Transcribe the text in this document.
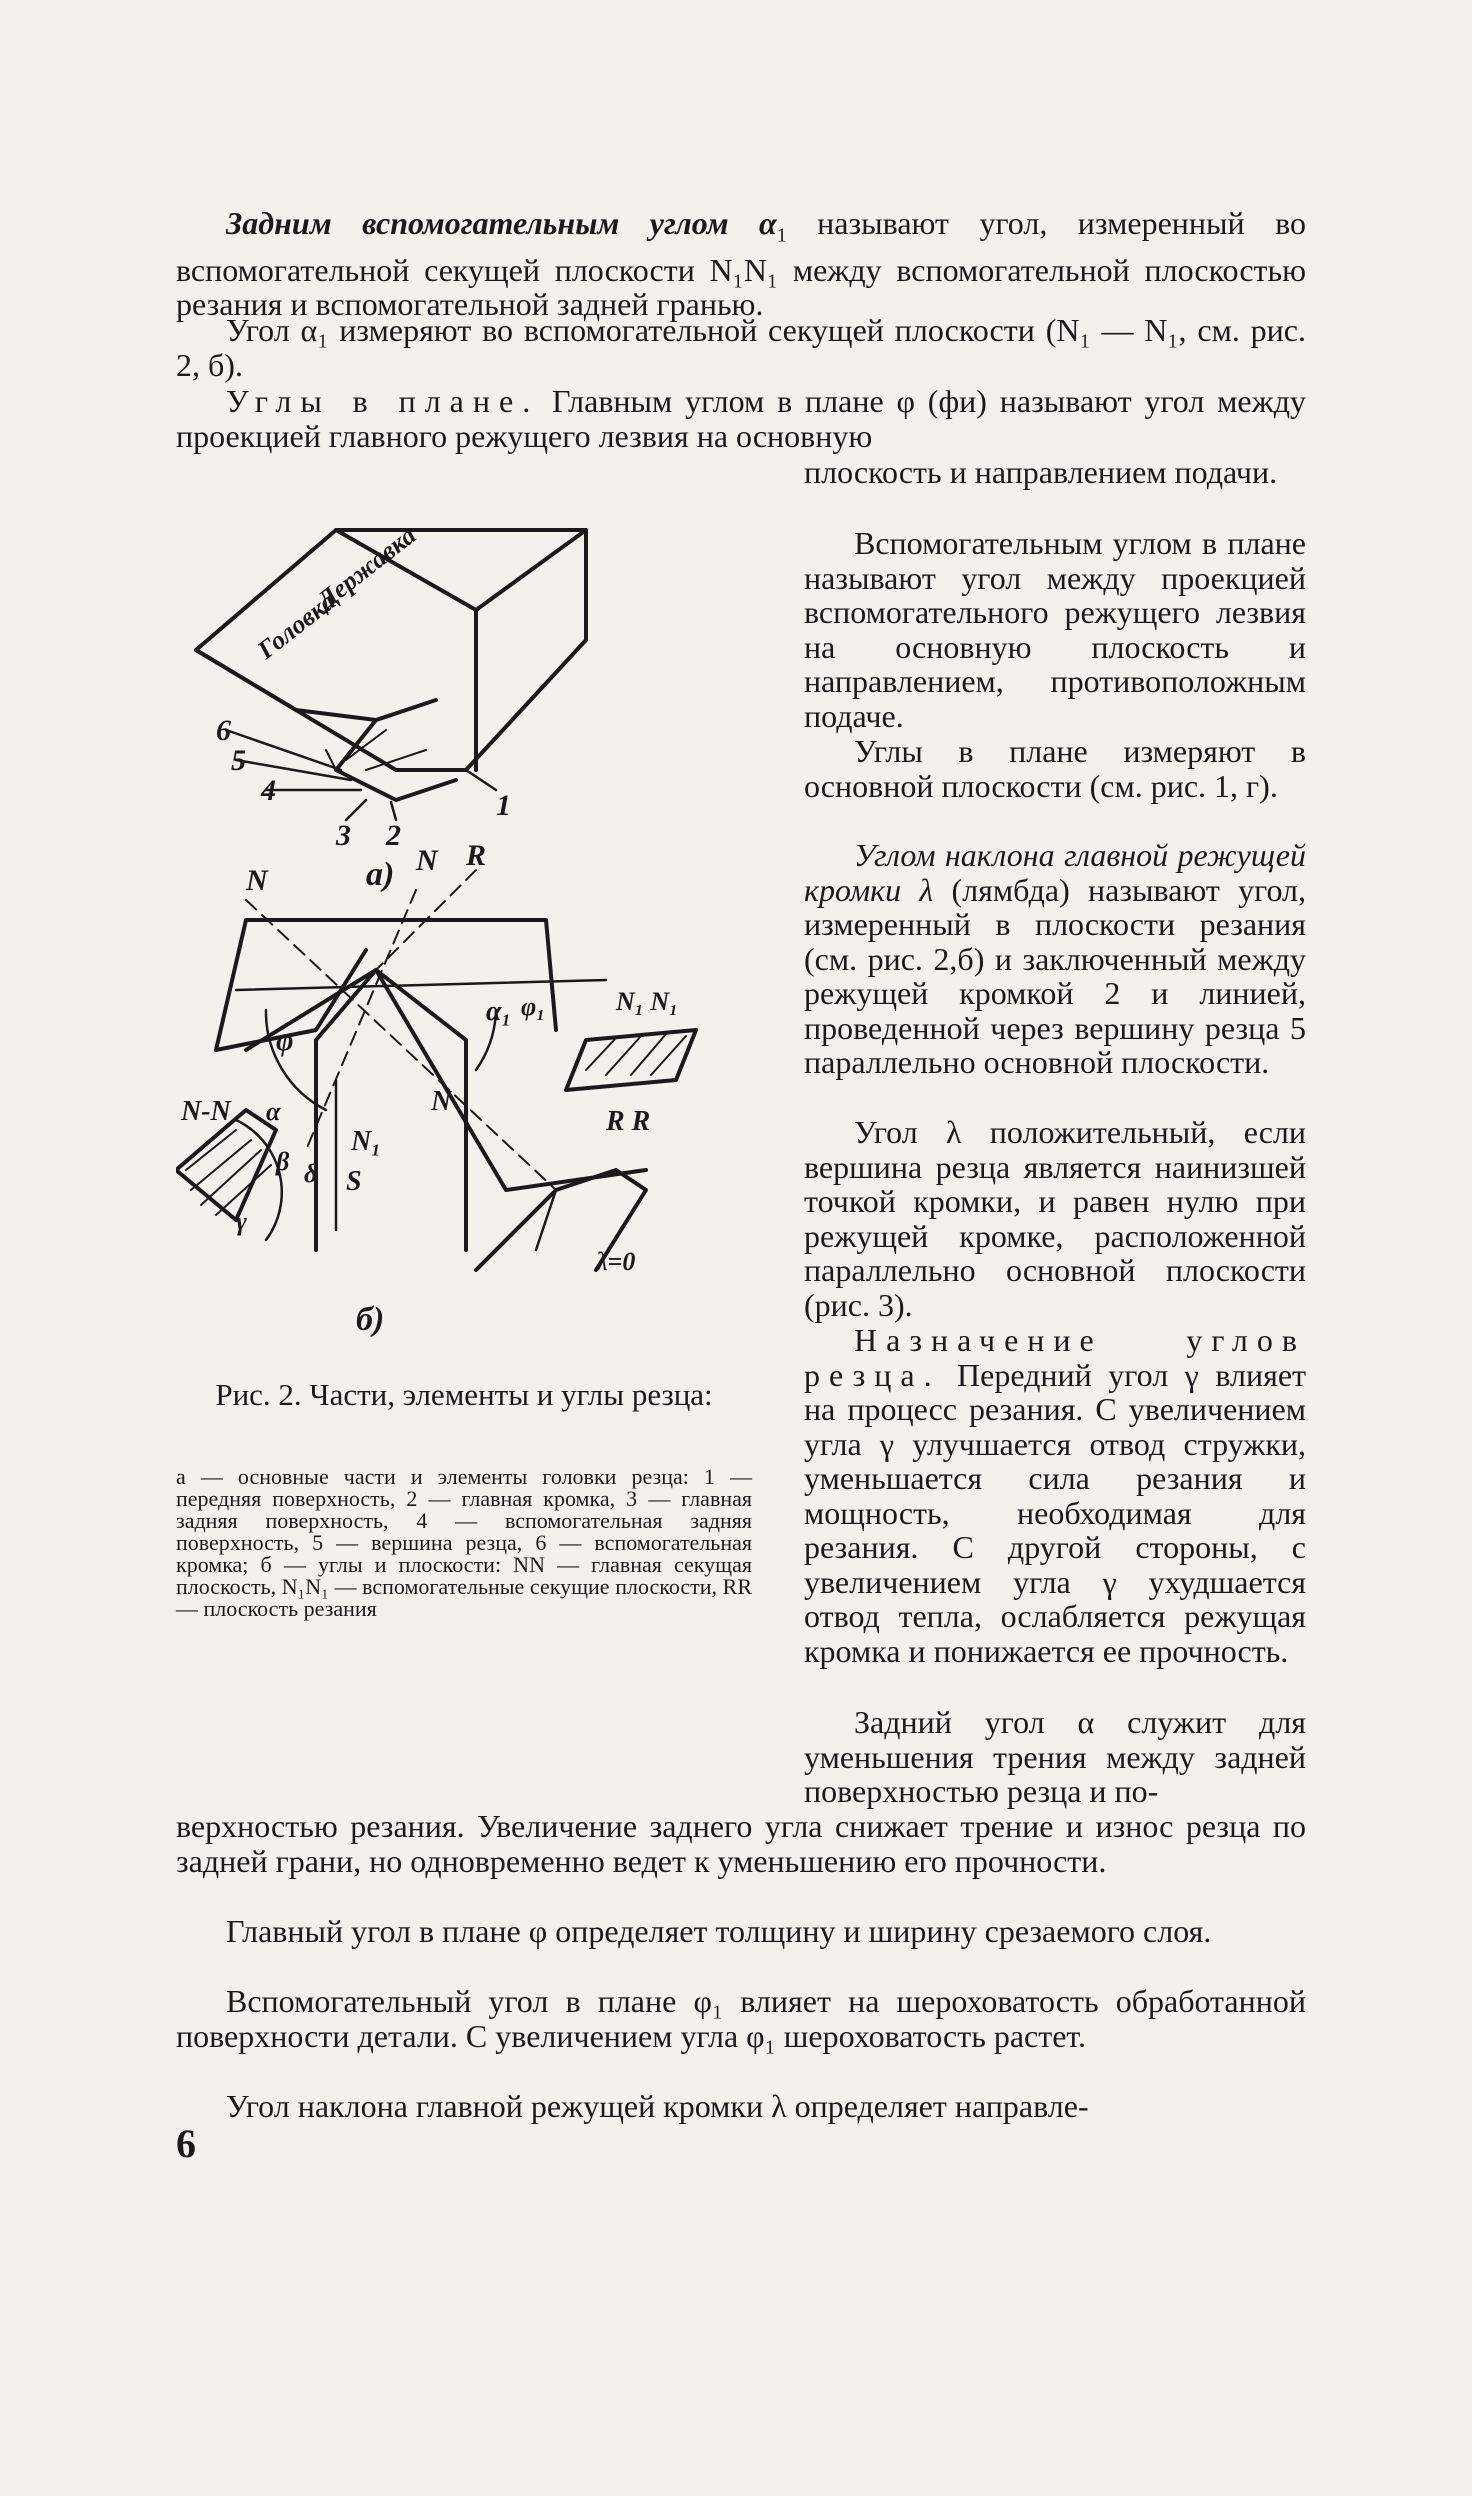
Задним вспомогательным углом $\alpha_1$ называют угол, измеренный во вспомогательной секущей плоскости N₁N₁ между вспомогательной плоскостью резания и вспомогательной задней гранью.

Угол α₁ измеряют во вспомогательной секущей плоскости (N₁ — N₁, см. рис. 2, б).

Углы в плане. Главным углом в плане φ (фи) называют угол между проекцией главного режущего лезвия на основную

плоскость и направлением подачи.

Вспомогательным углом в плане называют угол между проекцией вспомогательного режущего лезвия на основную плоскость и направлением, противоположным подаче.

Углы в плане измеряют в основной плоскости (см. рис. 1, г).

Углом наклона главной режущей кромки λ (лямбда) называют угол, измеренный в плоскости резания (см. рис. 2,б) и заключенный между режущей кромкой 2 и линией, проведенной через вершину резца 5 параллельно основной плоскости.

Угол λ положительный, если вершина резца является наинизшей точкой кромки, и равен нулю при режущей кромке, расположенной параллельно основной плоскости (рис. 3).

Назначение углов резца. Передний угол γ влияет на процесс резания. С увеличением угла γ улучшается отвод стружки, уменьшается сила резания и мощность, необходимая для резания. С другой стороны, с увеличением угла γ ухудшается отвод тепла, ослабляется режущая кромка и понижается ее прочность.

Задний угол α служит для уменьшения трения между задней поверхностью резца и по-

верхностью резания. Увеличение заднего угла снижает трение и износ резца по задней грани, но одновременно ведет к уменьшению его прочности.

Главный угол в плане φ определяет толщину и ширину срезаемого слоя.

Вспомогательный угол в плане φ₁ влияет на шероховатость обработанной поверхности детали. С увеличением угла φ₁ шероховатость растет.

Угол наклона главной режущей кромки λ определяет направле-

Рис. 2. Части, элементы и углы резца:
а — основные части и элементы головки резца: 1 — передняя поверхность, 2 — главная кромка, 3 — главная задняя поверхность, 4 — вспомогательная задняя поверхность, 5 — вершина резца, 6 — вспомогательная кромка; б — углы и плоскости: NN — главная секущая плоскость, N₁N₁ — вспомогательные секущие плоскости, RR — плоскость резания
6
Головка
Державка
6
5
4
3 2
1
а)
N-N
N
N R
N₁ N₁
α₁ φ₁
φ
N
N₁
S
R R
α
β δ
γ
λ=0
б)
